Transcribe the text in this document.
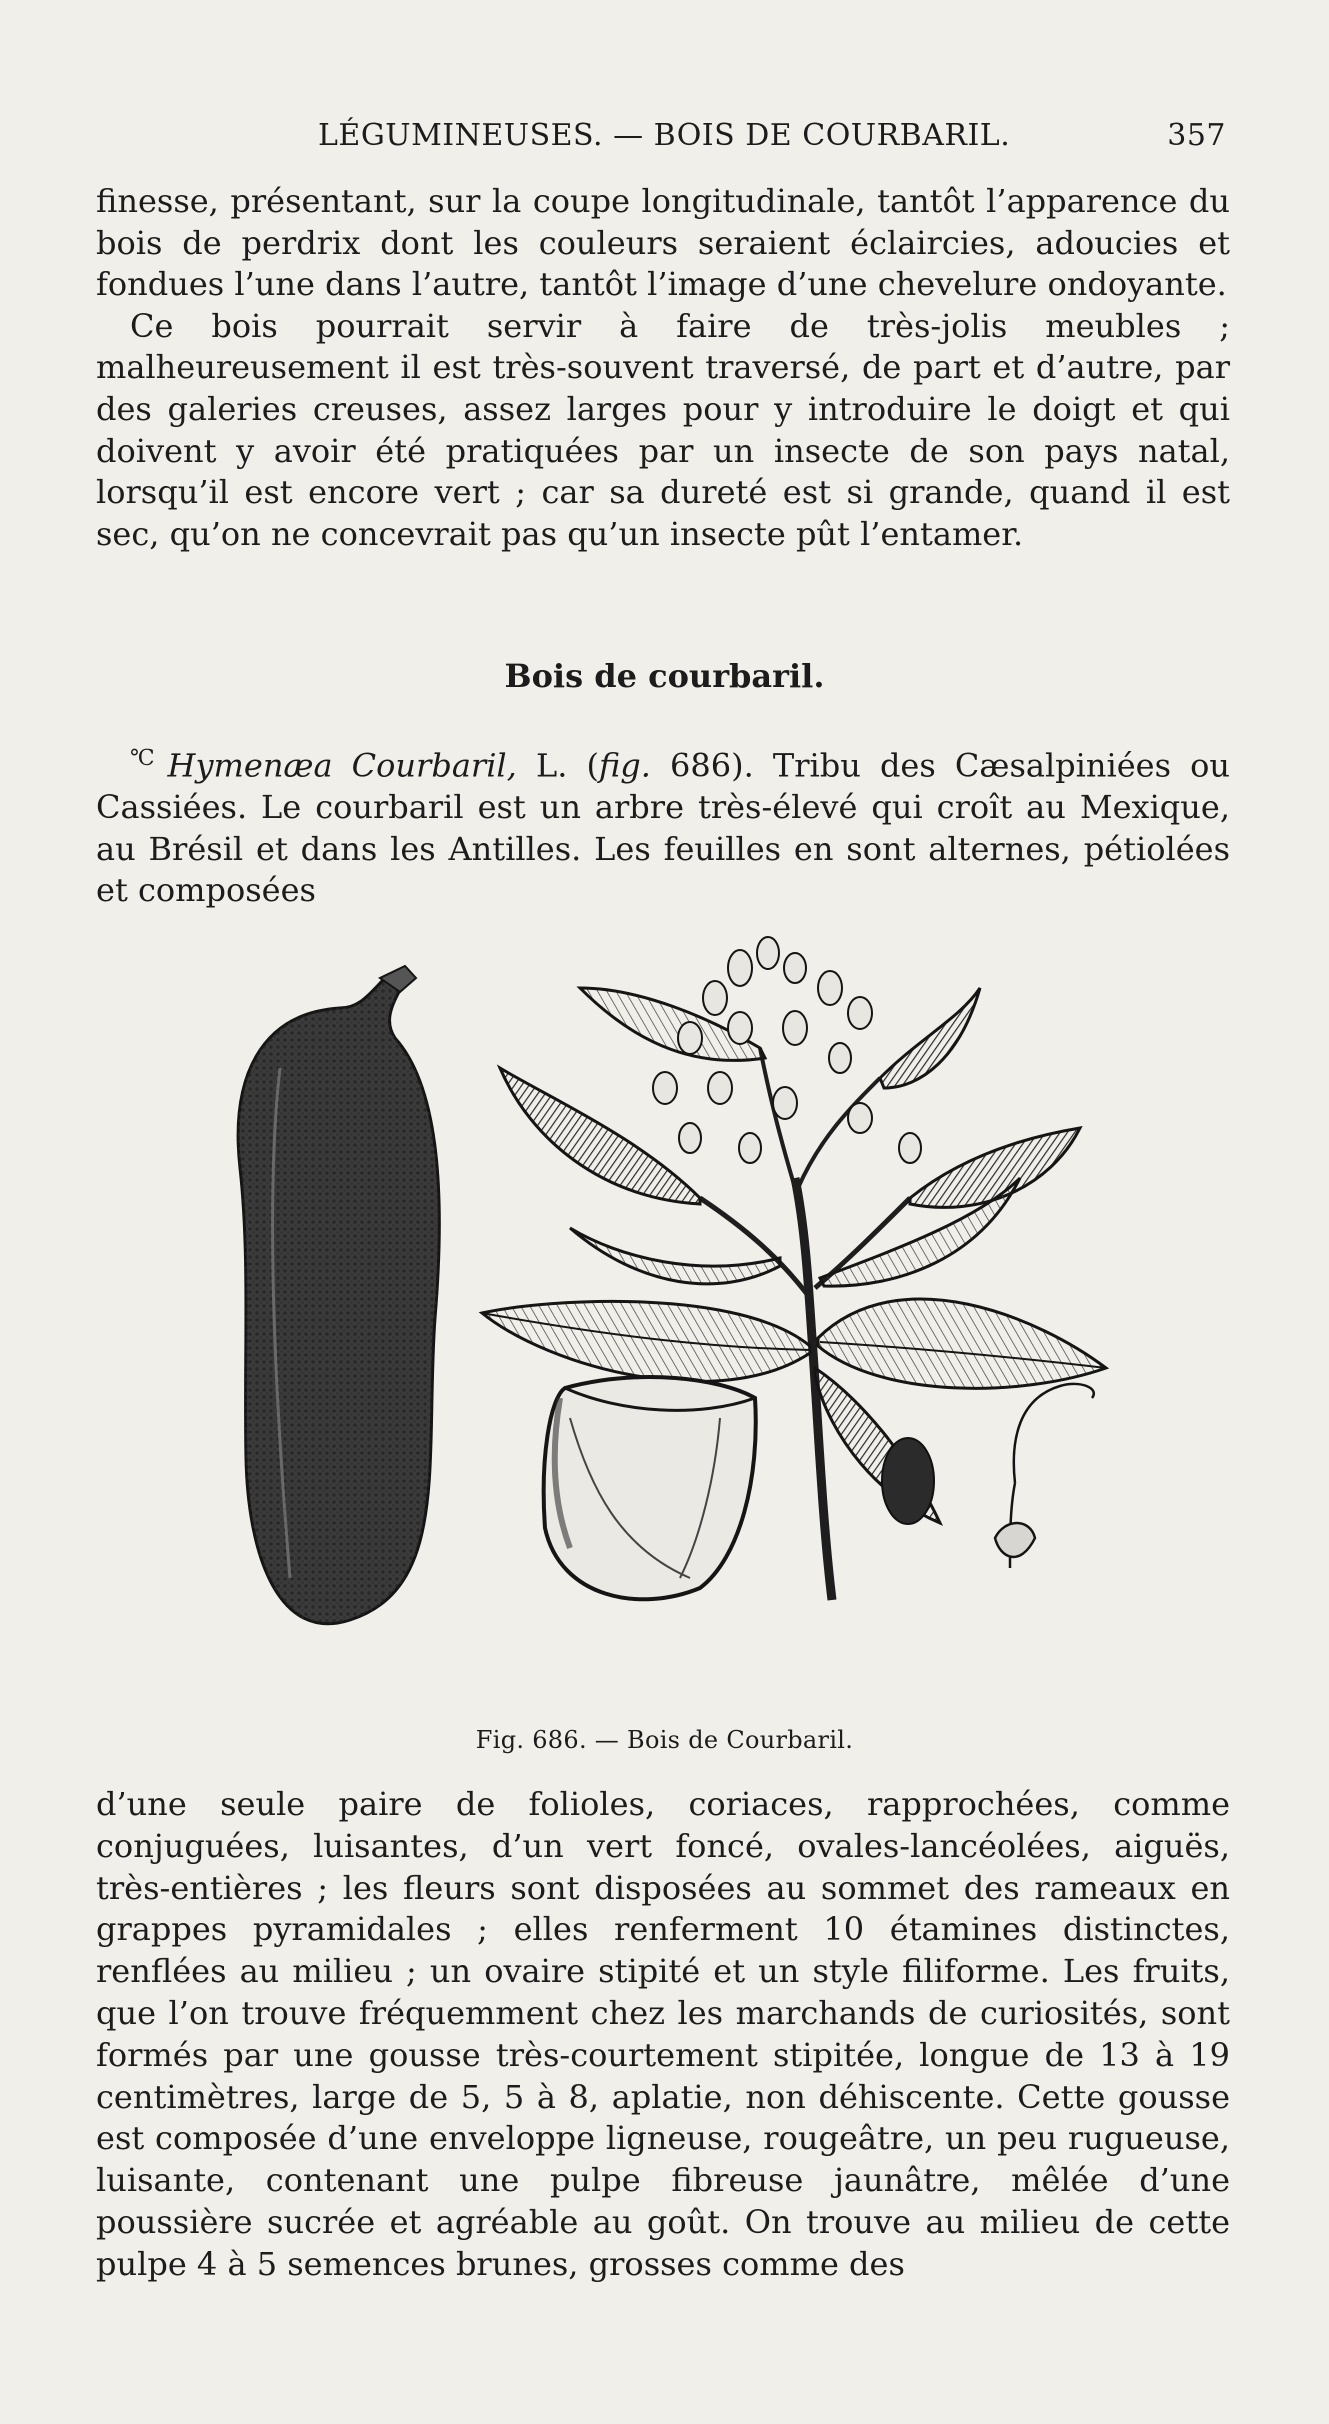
LÉGUMINEUSES. — BOIS DE COURBARIL.	357

finesse, présentant, sur la coupe longitudinale, tantôt l’apparence du bois de perdrix dont les couleurs seraient éclaircies, adoucies et fondues l’une dans l’autre, tantôt l’image d’une chevelure ondoyante.

Ce bois pourrait servir à faire de très-jolis meubles ; malheureusement il est très-souvent traversé, de part et d’autre, par des galeries creuses, assez larges pour y introduire le doigt et qui doivent y avoir été pratiquées par un insecte de son pays natal, lorsqu’il est encore vert ; car sa dureté est si grande, quand il est sec, qu’on ne concevrait pas qu’un insecte pût l’entamer.

Bois de courbaril.

℃ Hymenæa Courbaril, L. (fig. 686). Tribu des Cæsalpiniées ou Cassiées. Le courbaril est un arbre très-élevé qui croît au Mexique, au Brésil et dans les Antilles. Les feuilles en sont alternes, pétiolées et composées

Fig. 686. — Bois de Courbaril.

d’une seule paire de folioles, coriaces, rapprochées, comme conjuguées, luisantes, d’un vert foncé, ovales-lancéolées, aiguës, très-entières ; les fleurs sont disposées au sommet des rameaux en grappes pyramidales ; elles renferment 10 étamines distinctes, renflées au milieu ; un ovaire stipité et un style filiforme. Les fruits, que l’on trouve fréquemment chez les marchands de curiosités, sont formés par une gousse très-courtement stipitée, longue de 13 à 19 centimètres, large de 5, 5 à 8, aplatie, non déhiscente. Cette gousse est composée d’une enveloppe ligneuse, rougeâtre, un peu rugueuse, luisante, contenant une pulpe fibreuse jaunâtre, mêlée d’une poussière sucrée et agréable au goût. On trouve au milieu de cette pulpe 4 à 5 semences brunes, grosses comme des
